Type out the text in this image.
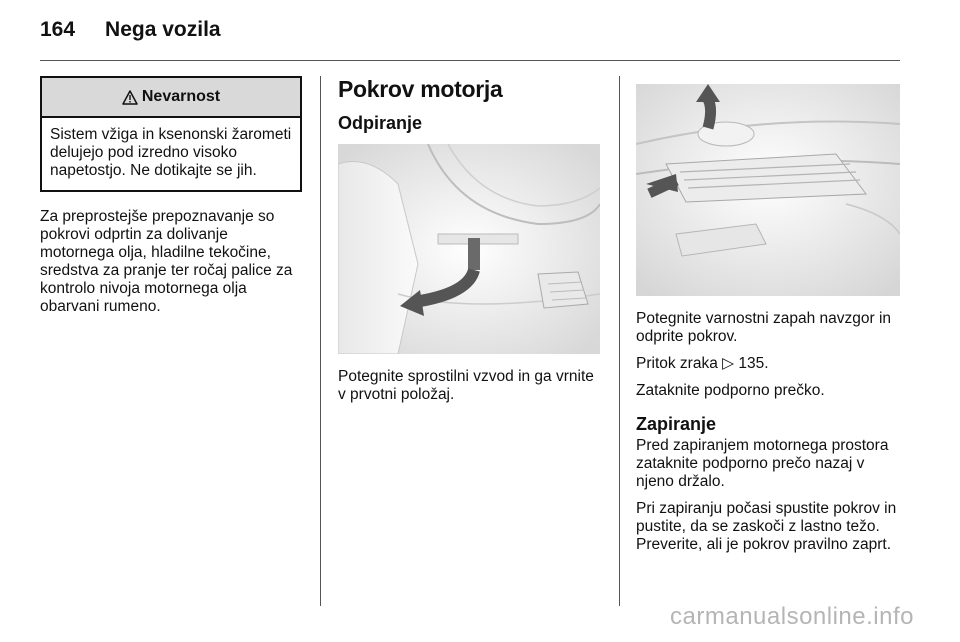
164 Nega vozila
Nevarnost
Sistem vžiga in ksenonski žarometi delujejo pod izredno visoko napetostjo. Ne dotikajte se jih.

Za preprostejše prepoznavanje so pokrovi odprtin za dolivanje motornega olja, hladilne tekočine, sredstva za pranje ter ročaj palice za kontrolo nivoja motornega olja obarvani rumeno.

Pokrov motorja
Odpiranje

Potegnite sprostilni vzvod in ga vrnite v prvotni položaj.

Potegnite varnostni zapah navzgor in odprite pokrov.

Pritok zraka ▷ 135.

Zataknite podporno prečko.

Zapiranje

Pred zapiranjem motornega prostora zataknite podporno prečo nazaj v njeno držalo.

Pri zapiranju počasi spustite pokrov in pustite, da se zaskoči z lastno težo. Preverite, ali je pokrov pravilno zaprt.

carmanualsonline.info
